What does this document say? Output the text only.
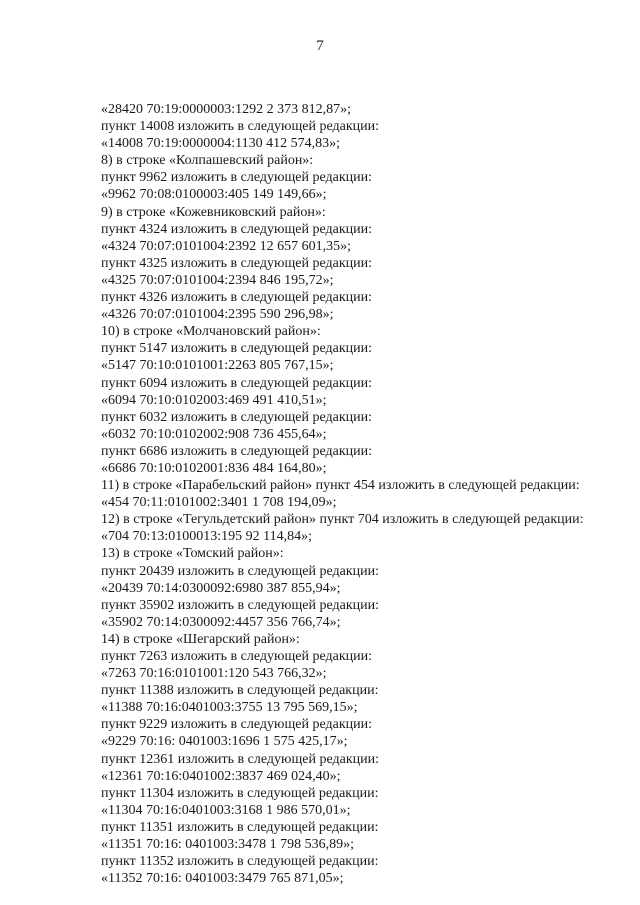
7
«28420 70:19:0000003:1292 2 373 812,87»;
пункт 14008 изложить в следующей редакции:
«14008 70:19:0000004:1130 412 574,83»;
8) в строке «Колпашевский район»:
пункт 9962 изложить в следующей редакции:
«9962 70:08:0100003:405 149 149,66»;
9) в строке «Кожевниковский район»:
пункт 4324 изложить в следующей редакции:
«4324 70:07:0101004:2392 12 657 601,35»;
пункт 4325 изложить в следующей редакции:
«4325 70:07:0101004:2394 846 195,72»;
пункт 4326 изложить в следующей редакции:
«4326 70:07:0101004:2395 590 296,98»;
10) в строке «Молчановский район»:
пункт 5147 изложить в следующей редакции:
«5147 70:10:0101001:2263 805 767,15»;
пункт 6094 изложить в следующей редакции:
«6094 70:10:0102003:469 491 410,51»;
пункт 6032 изложить в следующей редакции:
«6032 70:10:0102002:908 736 455,64»;
пункт 6686 изложить в следующей редакции:
«6686 70:10:0102001:836 484 164,80»;
11) в строке «Парабельский район» пункт 454 изложить в следующей редакции:
«454 70:11:0101002:3401 1 708 194,09»;
12) в строке «Тегульдетский район» пункт 704 изложить в следующей редакции:
«704 70:13:0100013:195 92 114,84»;
13) в строке «Томский район»:
пункт 20439 изложить в следующей редакции:
«20439 70:14:0300092:6980 387 855,94»;
пункт 35902 изложить в следующей редакции:
«35902 70:14:0300092:4457 356 766,74»;
14) в строке «Шегарский район»:
пункт 7263 изложить в следующей редакции:
«7263 70:16:0101001:120 543 766,32»;
пункт 11388 изложить в следующей редакции:
«11388 70:16:0401003:3755 13 795 569,15»;
пункт 9229 изложить в следующей редакции:
«9229 70:16: 0401003:1696 1 575 425,17»;
пункт 12361 изложить в следующей редакции:
«12361 70:16:0401002:3837 469 024,40»;
пункт 11304 изложить в следующей редакции:
«11304 70:16:0401003:3168 1 986 570,01»;
пункт 11351 изложить в следующей редакции:
«11351 70:16: 0401003:3478 1 798 536,89»;
пункт 11352 изложить в следующей редакции:
«11352 70:16: 0401003:3479 765 871,05»;
